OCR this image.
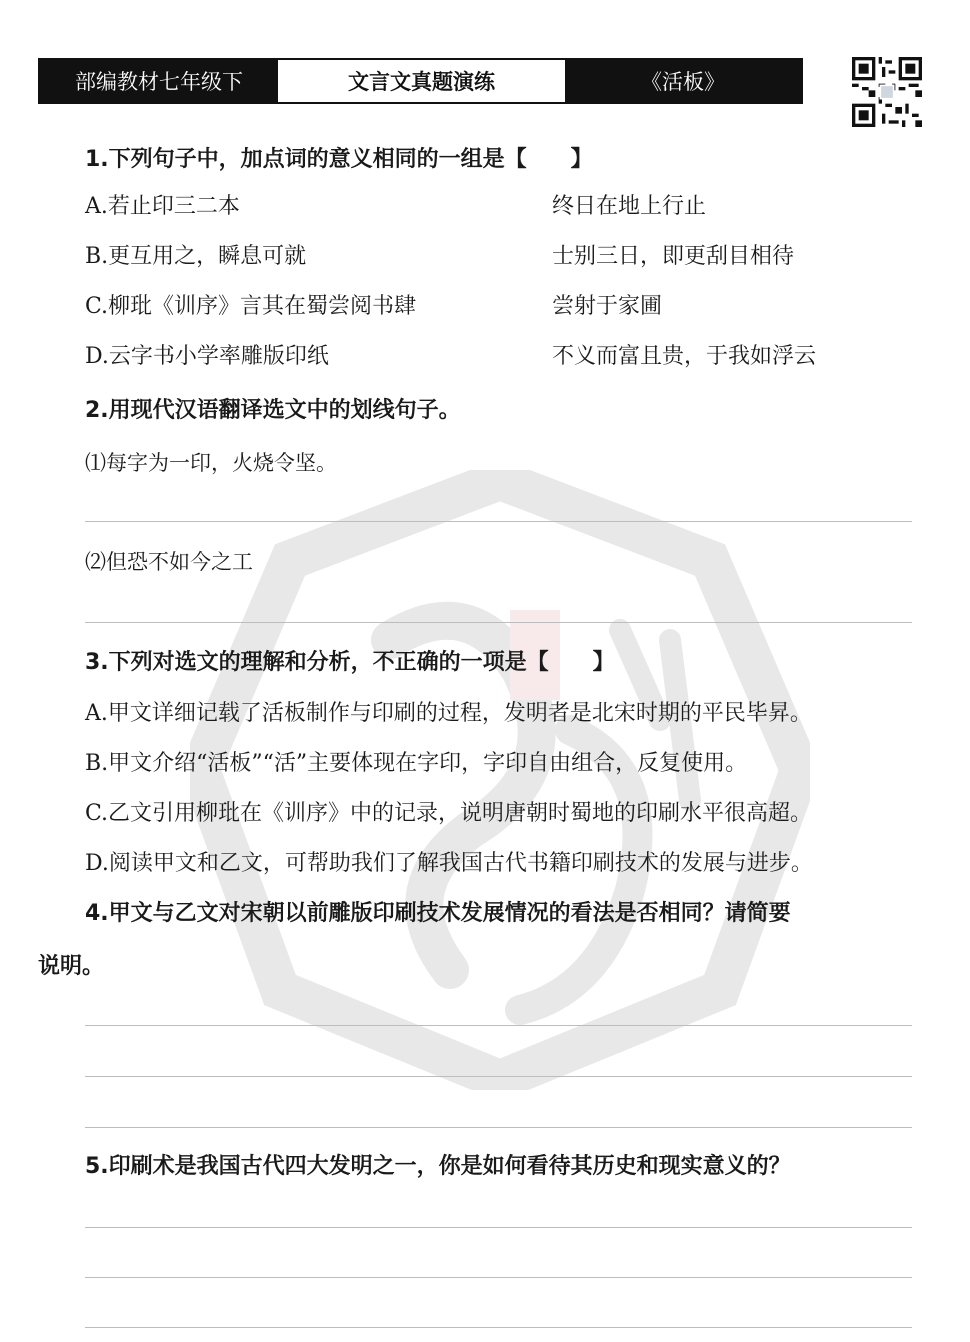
部编教材七年级下	文言文真题演练	《活板》
1.下列句子中，加点词的意义相同的一组是【　　】
A.若止印三二本	终日在地上行止
B.更互用之，瞬息可就	士别三日，即更刮目相待
C.柳玭《训序》言其在蜀尝阅书肆	尝射于家圃
D.云字书小学率雕版印纸	不义而富且贵，于我如浮云
2.用现代汉语翻译选文中的划线句子。
⑴每字为一印，火烧令坚。
⑵但恐不如今之工
3.下列对选文的理解和分析，不正确的一项是【　　】
A.甲文详细记载了活板制作与印刷的过程，发明者是北宋时期的平民毕昇。
B.甲文介绍“活板”“活”主要体现在字印，字印自由组合，反复使用。
C.乙文引用柳玭在《训序》中的记录，说明唐朝时蜀地的印刷水平很高超。
D.阅读甲文和乙文，可帮助我们了解我国古代书籍印刷技术的发展与进步。
4.甲文与乙文对宋朝以前雕版印刷技术发展情况的看法是否相同？请简要
说明。
5.印刷术是我国古代四大发明之一，你是如何看待其历史和现实意义的？
